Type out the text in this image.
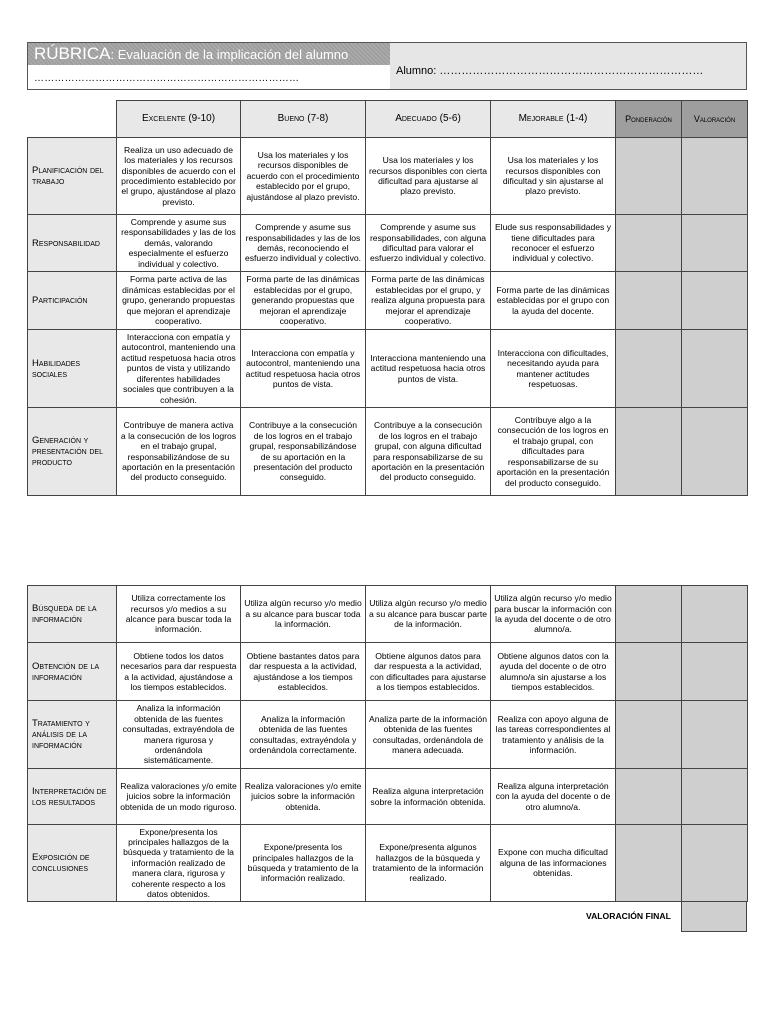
RÚBRICA: Evaluación de la implicación del alumno
……………………………………………………………………
Alumno: ………………………………………………………………
	Excelente (9-10)	Bueno (7-8)	Adecuado (5-6)	Mejorable (1-4)	Ponderación	Valoración
Planificación del trabajo	Realiza un uso adecuado de los materiales y los recursos disponibles de acuerdo con el procedimiento establecido por el grupo, ajustándose al plazo previsto.	Usa los materiales y los recursos disponibles de acuerdo con el procedimiento establecido por el grupo, ajustándose al plazo previsto.	Usa los materiales y los recursos disponibles con cierta dificultad para ajustarse al plazo previsto.	Usa los materiales y los recursos disponibles con dificultad y sin ajustarse al plazo previsto.		
Responsabilidad	Comprende y asume sus responsabilidades y las de los demás, valorando especialmente el esfuerzo individual y colectivo.	Comprende y asume sus responsabilidades y las de los demás, reconociendo el esfuerzo individual y colectivo.	Comprende y asume sus responsabilidades, con alguna dificultad para valorar el esfuerzo individual y colectivo.	Elude sus responsabilidades y tiene dificultades para reconocer el esfuerzo individual y colectivo.		
Participación	Forma parte activa de las dinámicas establecidas por el grupo, generando propuestas que mejoran el aprendizaje cooperativo.	Forma parte de las dinámicas establecidas por el grupo, generando propuestas que mejoran el aprendizaje cooperativo.	Forma parte de las dinámicas establecidas por el grupo, y realiza alguna propuesta para mejorar el aprendizaje cooperativo.	Forma parte de las dinámicas establecidas por el grupo con la ayuda del docente.		
Habilidades sociales	Interacciona con empatía y autocontrol, manteniendo una actitud respetuosa hacia otros puntos de vista y utilizando diferentes habilidades sociales que contribuyen a la cohesión.	Interacciona con empatía y autocontrol, manteniendo una actitud respetuosa hacia otros puntos de vista.	Interacciona manteniendo una actitud respetuosa hacia otros puntos de vista.	Interacciona con dificultades, necesitando ayuda para mantener actitudes respetuosas.		
Generación y presentación del producto	Contribuye de manera activa a la consecución de los logros en el trabajo grupal, responsabilizándose de su aportación en la presentación del producto conseguido.	Contribuye a la consecución de los logros en el trabajo grupal, responsabilizándose de su aportación en la presentación del producto conseguido.	Contribuye a la consecución de los logros en el trabajo grupal, con alguna dificultad para responsabilizarse de su aportación en la presentación del producto conseguido.	Contribuye algo a la consecución de los logros en el trabajo grupal, con dificultades para responsabilizarse de su aportación en la presentación del producto conseguido.		
Búsqueda de la información	Utiliza correctamente los recursos y/o medios a su alcance para buscar toda la información.	Utiliza algún recurso y/o medio a su alcance para buscar toda la información.	Utiliza algún recurso y/o medio a su alcance para buscar parte de la información.	Utiliza algún recurso y/o medio para buscar la información con la ayuda del docente o de otro alumno/a.		
Obtención de la información	Obtiene todos los datos necesarios para dar respuesta a la actividad, ajustándose a los tiempos establecidos.	Obtiene bastantes datos para dar respuesta a la actividad, ajustándose a los tiempos establecidos.	Obtiene algunos datos para dar respuesta a la actividad, con dificultades para ajustarse a los tiempos establecidos.	Obtiene algunos datos con la ayuda del docente o de otro alumno/a sin ajustarse a los tiempos establecidos.		
Tratamiento y análisis de la información	Analiza la información obtenida de las fuentes consultadas, extrayéndola de manera rigurosa y ordenándola sistemáticamente.	Analiza la información obtenida de las fuentes consultadas, extrayéndola y ordenándola correctamente.	Analiza parte de la información obtenida de las fuentes consultadas, ordenándola de manera adecuada.	Realiza con apoyo alguna de las tareas correspondientes al tratamiento y análisis de la información.		
Interpretación de los resultados	Realiza valoraciones y/o emite juicios sobre la información obtenida de un modo riguroso.	Realiza valoraciones y/o emite juicios sobre la información obtenida.	Realiza alguna interpretación sobre la información obtenida.	Realiza alguna interpretación con la ayuda del docente o de otro alumno/a.		
Exposición de conclusiones	Expone/presenta los principales hallazgos de la búsqueda y tratamiento de la información realizado de manera clara, rigurosa y coherente respecto a los datos obtenidos.	Expone/presenta los principales hallazgos de la búsqueda y tratamiento de la información realizado.	Expone/presenta algunos hallazgos de la búsqueda y tratamiento de la información realizado.	Expone con mucha dificultad alguna de las informaciones obtenidas.		
VALORACIÓN FINAL
